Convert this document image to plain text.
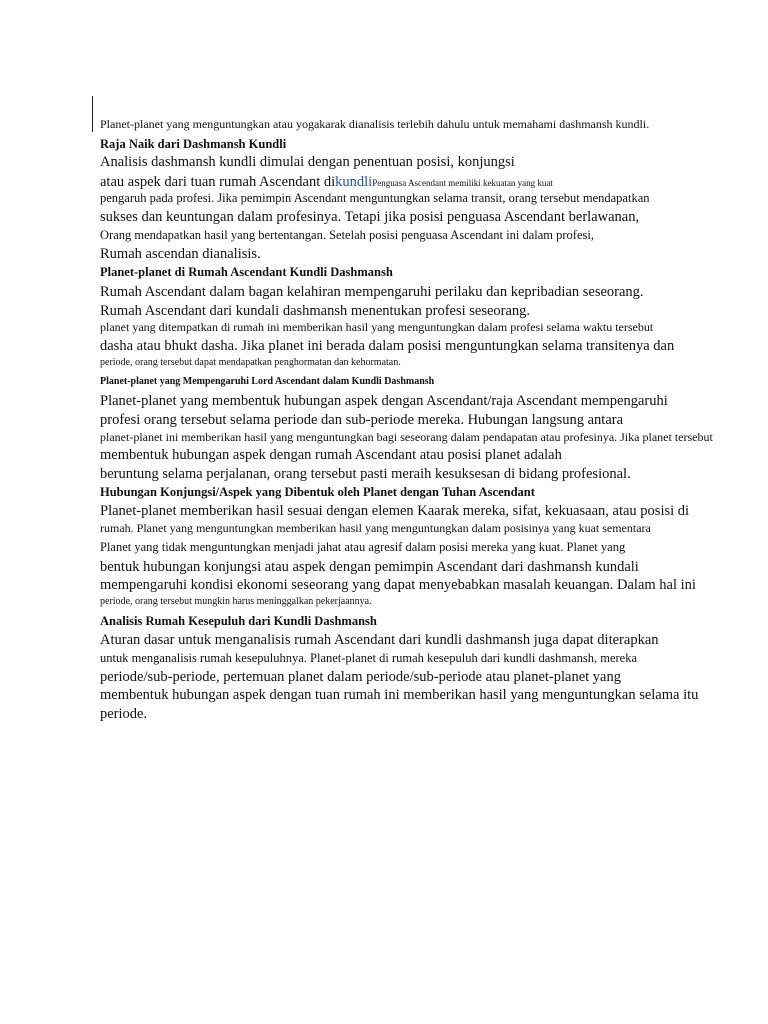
Planet-planet yang menguntungkan atau yogakarak dianalisis terlebih dahulu untuk memahami dashmansh kundli.
Raja Naik dari Dashmansh Kundli
Analisis dashmansh kundli dimulai dengan penentuan posisi, konjungsi
atau aspek dari tuan rumah Ascendant dikundliPenguasa Ascendant memiliki kekuatan yang kuat
pengaruh pada profesi. Jika pemimpin Ascendant menguntungkan selama transit, orang tersebut mendapatkan
sukses dan keuntungan dalam profesinya. Tetapi jika posisi penguasa Ascendant berlawanan,
Orang mendapatkan hasil yang bertentangan. Setelah posisi penguasa Ascendant ini dalam profesi,
Rumah ascendan dianalisis.
Planet-planet di Rumah Ascendant Kundli Dashmansh
Rumah Ascendant dalam bagan kelahiran mempengaruhi perilaku dan kepribadian seseorang.
Rumah Ascendant dari kundali dashmansh menentukan profesi seseorang.
planet yang ditempatkan di rumah ini memberikan hasil yang menguntungkan dalam profesi selama waktu tersebut
dasha atau bhukt dasha. Jika planet ini berada dalam posisi menguntungkan selama transitenya dan
periode, orang tersebut dapat mendapatkan penghormatan dan kehormatan.
Planet-planet yang Mempengaruhi Lord Ascendant dalam Kundli Dashmansh
Planet-planet yang membentuk hubungan aspek dengan Ascendant/raja Ascendant mempengaruhi
profesi orang tersebut selama periode dan sub-periode mereka. Hubungan langsung antara
planet-planet ini memberikan hasil yang menguntungkan bagi seseorang dalam pendapatan atau profesinya. Jika planet tersebut
membentuk hubungan aspek dengan rumah Ascendant atau posisi planet adalah
beruntung selama perjalanan, orang tersebut pasti meraih kesuksesan di bidang profesional.
Hubungan Konjungsi/Aspek yang Dibentuk oleh Planet dengan Tuhan Ascendant
Planet-planet memberikan hasil sesuai dengan elemen Kaarak mereka, sifat, kekuasaan, atau posisi di
rumah. Planet yang menguntungkan memberikan hasil yang menguntungkan dalam posisinya yang kuat sementara
Planet yang tidak menguntungkan menjadi jahat atau agresif dalam posisi mereka yang kuat. Planet yang
bentuk hubungan konjungsi atau aspek dengan pemimpin Ascendant dari dashmansh kundali
mempengaruhi kondisi ekonomi seseorang yang dapat menyebabkan masalah keuangan. Dalam hal ini
periode, orang tersebut mungkin harus meninggalkan pekerjaannya.
Analisis Rumah Kesepuluh dari Kundli Dashmansh
Aturan dasar untuk menganalisis rumah Ascendant dari kundli dashmansh juga dapat diterapkan
untuk menganalisis rumah kesepuluhnya. Planet-planet di rumah kesepuluh dari kundli dashmansh, mereka
periode/sub-periode, pertemuan planet dalam periode/sub-periode atau planet-planet yang
membentuk hubungan aspek dengan tuan rumah ini memberikan hasil yang menguntungkan selama itu
periode.
